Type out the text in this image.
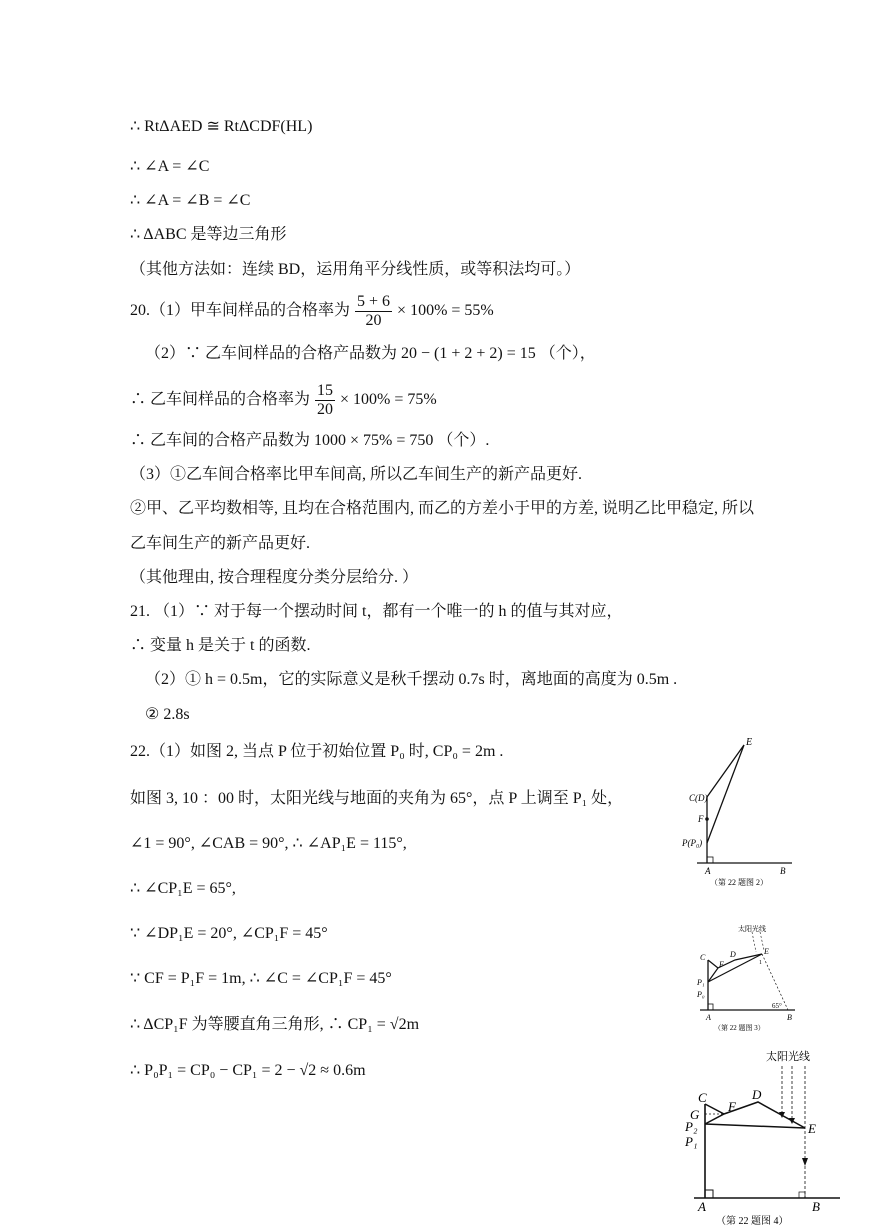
∴ RtΔAED ≅ RtΔCDF(HL)
∴ ∠A = ∠C
∴ ∠A = ∠B = ∠C
∴ ΔABC 是等边三角形
（其他方法如：连续 BD，运用角平分线性质，或等积法均可。）
20.（1）甲车间样品的合格率为 $\frac{5 + 6}{20} \times 100\% = 55\%$
（2）∵ 乙车间样品的合格产品数为 20 − (1 + 2 + 2) = 15 （个），
∴ 乙车间样品的合格率为 $\frac{15}{20} \times 100\% = 75\%$
∴ 乙车间的合格产品数为 1000 × 75% = 750 （个）.
（3）①乙车间合格率比甲车间高, 所以乙车间生产的新产品更好.
②甲、乙平均数相等, 且均在合格范围内, 而乙的方差小于甲的方差, 说明乙比甲稳定, 所以
乙车间生产的新产品更好.
（其他理由, 按合理程度分类分层给分. ）
21. （1）∵ 对于每一个摆动时间 t，都有一个唯一的 h 的值与其对应，
∴ 变量 h 是关于 t 的函数.
（2）① h = 0.5m，它的实际意义是秋千摆动 0.7s 时，离地面的高度为 0.5m .
② 2.8s
22.（1）如图 2, 当点 P 位于初始位置 P₀ 时, CP₀ = 2m .
如图 3, 10 ：00 时，太阳光线与地面的夹角为 65°，点 P 上调至 P₁ 处，
∠1 = 90°, ∠CAB = 90°, ∴ ∠AP₁E = 115°,
∴ ∠CP₁E = 65°,
∵ ∠DP₁E = 20°, ∠CP₁F = 45°
∵ CF = P₁F = 1m, ∴ ∠C = ∠CP₁F = 45°
∴ ΔCP₁F 为等腰直角三角形, ∴ CP₁ = √2m
∴ P₀P₁ = CP₀ − CP₁ = 2 − √2 ≈ 0.6m
E
C(D)
F
P(P₀)
A	B
（第 22 题图 2）
太阳光线
C	D	E
F	1
P₁
P₀
A	B
65°
（第 22 题图 3）
太阳光线
C	D
E
F
G
P₂
P₁
A	B
（第 22 题图 4）
